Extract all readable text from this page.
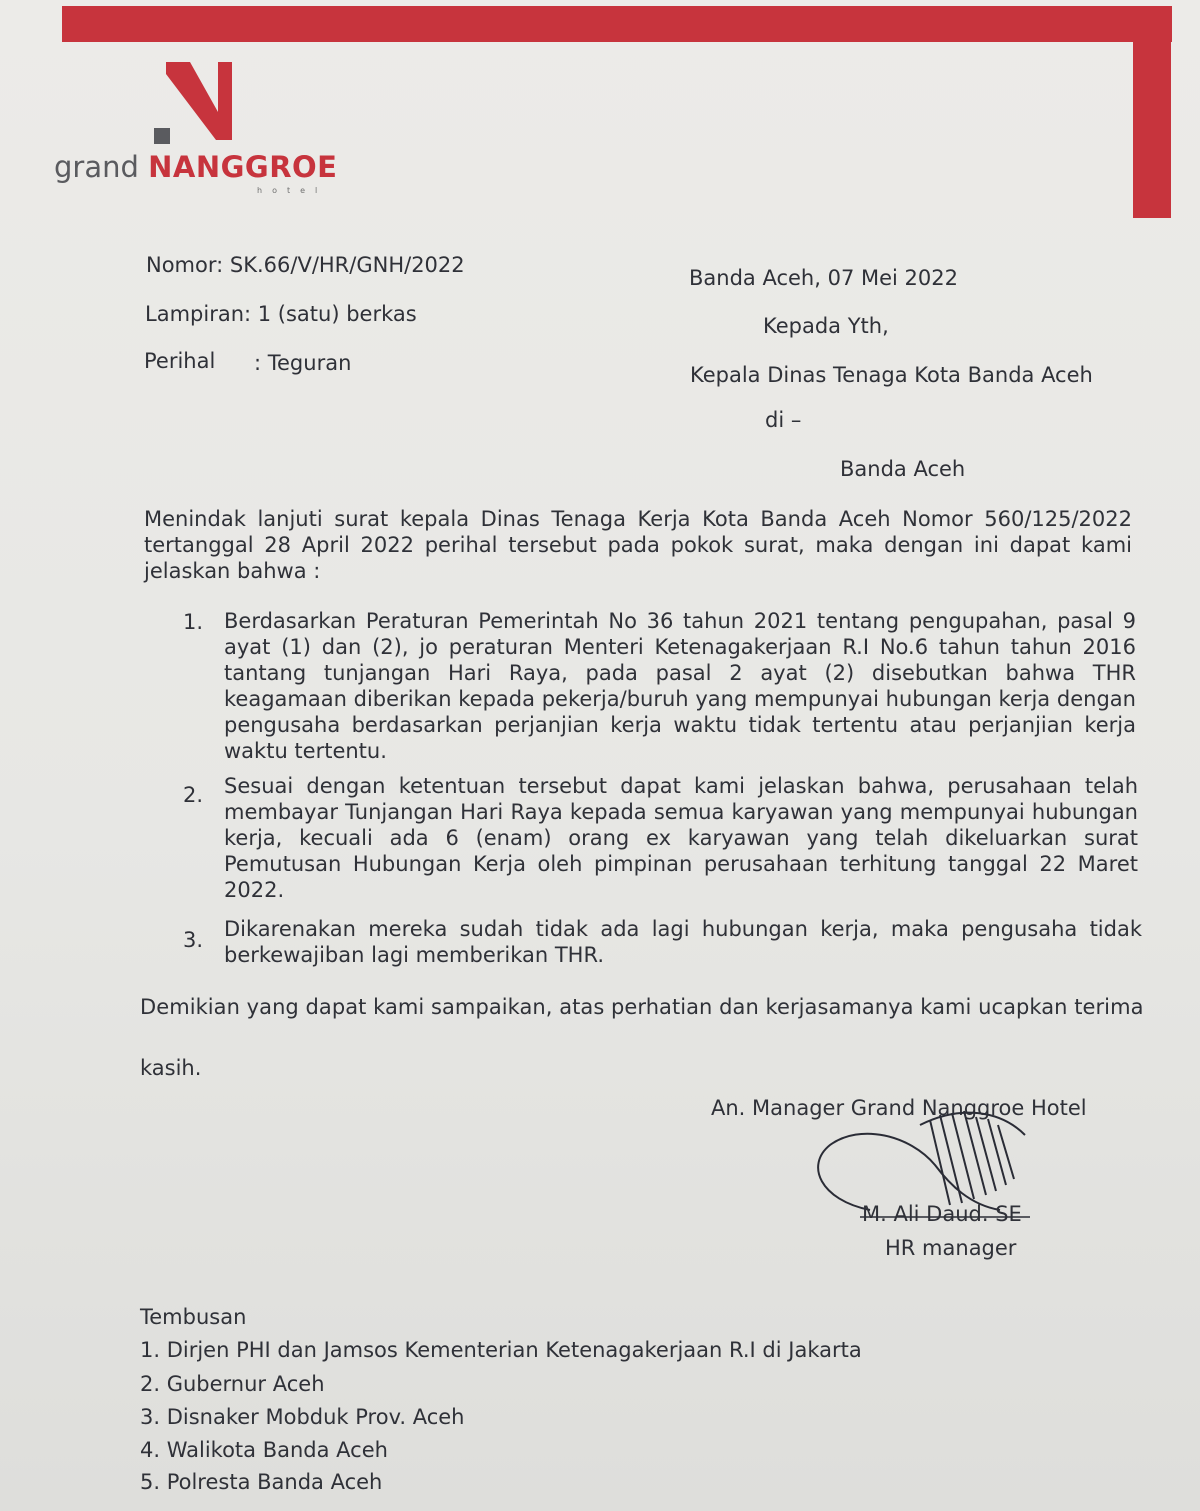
grand NANGGROE
hotel
Nomor: SK.66/V/HR/GNH/2022
Lampiran: 1 (satu) berkas
Perihal : Teguran
Banda Aceh, 07 Mei 2022
Kepada Yth,
Kepala Dinas Tenaga Kota Banda Aceh
di –
Banda Aceh
Menindak lanjuti surat kepala Dinas Tenaga Kerja Kota Banda Aceh Nomor 560/125/2022 tertanggal 28 April 2022 perihal tersebut pada pokok surat, maka dengan ini dapat kami jelaskan bahwa :
1. Berdasarkan Peraturan Pemerintah No 36 tahun 2021 tentang pengupahan, pasal 9 ayat (1) dan (2), jo peraturan Menteri Ketenagakerjaan R.I No.6 tahun tahun 2016 tantang tunjangan Hari Raya, pada pasal 2 ayat (2) disebutkan bahwa THR keagamaan diberikan kepada pekerja/buruh yang mempunyai hubungan kerja dengan pengusaha berdasarkan perjanjian kerja waktu tidak tertentu atau perjanjian kerja waktu tertentu.
2. Sesuai dengan ketentuan tersebut dapat kami jelaskan bahwa, perusahaan telah membayar Tunjangan Hari Raya kepada semua karyawan yang mempunyai hubungan kerja, kecuali ada 6 (enam) orang ex karyawan yang telah dikeluarkan surat Pemutusan Hubungan Kerja oleh pimpinan perusahaan terhitung tanggal 22 Maret 2022.
3. Dikarenakan mereka sudah tidak ada lagi hubungan kerja, maka pengusaha tidak berkewajiban lagi memberikan THR.
Demikian yang dapat kami sampaikan, atas perhatian dan kerjasamanya kami ucapkan terima
kasih.
An. Manager Grand Nanggroe Hotel
M. Ali Daud. SE
HR manager
Tembusan
1. Dirjen PHI dan Jamsos Kementerian Ketenagakerjaan R.I di Jakarta
2. Gubernur Aceh
3. Disnaker Mobduk Prov. Aceh
4. Walikota Banda Aceh
5. Polresta Banda Aceh
